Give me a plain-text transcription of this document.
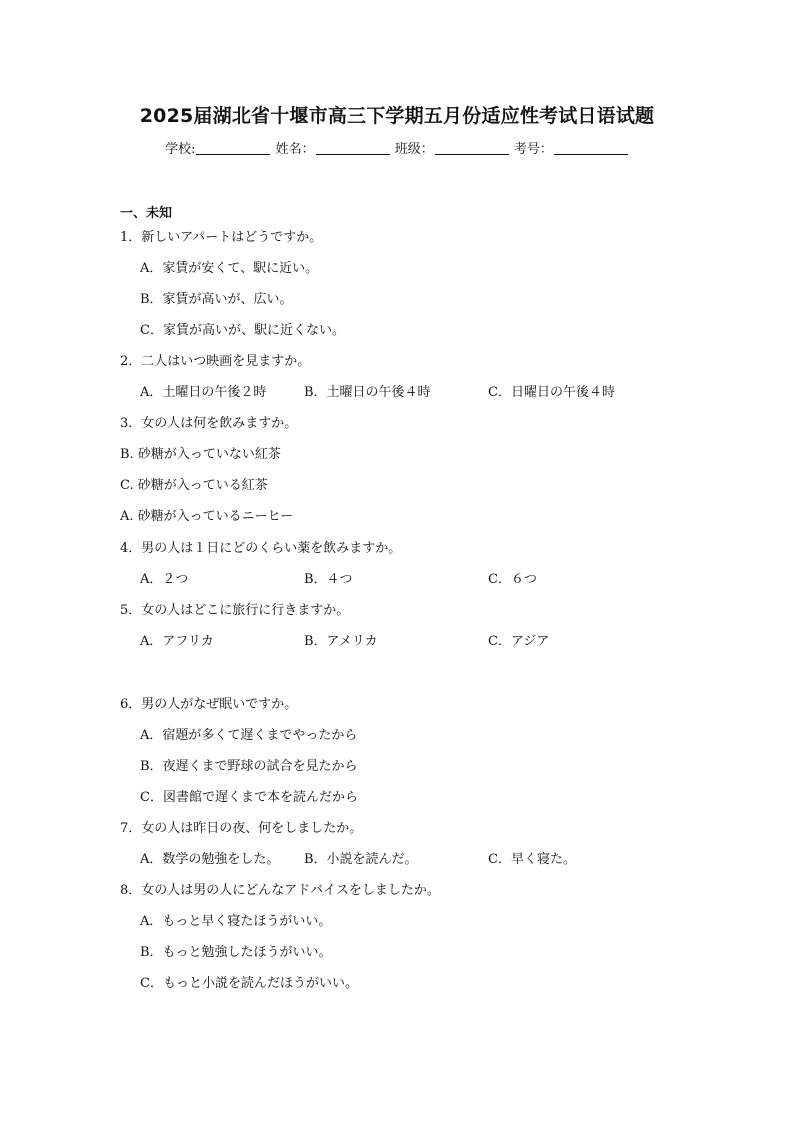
2025届湖北省十堰市高三下学期五月份适应性考试日语试题
学校:	姓名：	班级：	考号：
一、未知
1．新しいアパートはどうですか。
A．家賃が安くて、駅に近い。
B．家賃が高いが、広い。
C．家賃が高いが、駅に近くない。
2．二人はいつ映画を見ますか。
A．土曜日の午後２時	B．土曜日の午後４時	C．日曜日の午後４時
3．女の人は何を飲みますか。
B. 砂糖が入っていない紅茶
C. 砂糖が入っている紅茶
A. 砂糖が入っているニーヒー
4．男の人は１日にどのくらい薬を飲みますか。
A．２つ	B．４つ	C．６つ
5．女の人はどこに旅行に行きますか。
A．アフリカ	B．アメリカ	C．アジア
6．男の人がなぜ眠いですか。
A．宿題が多くて遅くまでやったから
B．夜遅くまで野球の試合を見たから
C．図書館で遅くまで本を読んだから
7．女の人は昨日の夜、何をしましたか。
A．数学の勉強をした。 B．小説を読んだ。	C．早く寝た。
8．女の人は男の人にどんなアドバイスをしましたか。
A．もっと早く寝たほうがいい。
B．もっと勉強したほうがいい。
C．もっと小説を読んだほうがいい。
